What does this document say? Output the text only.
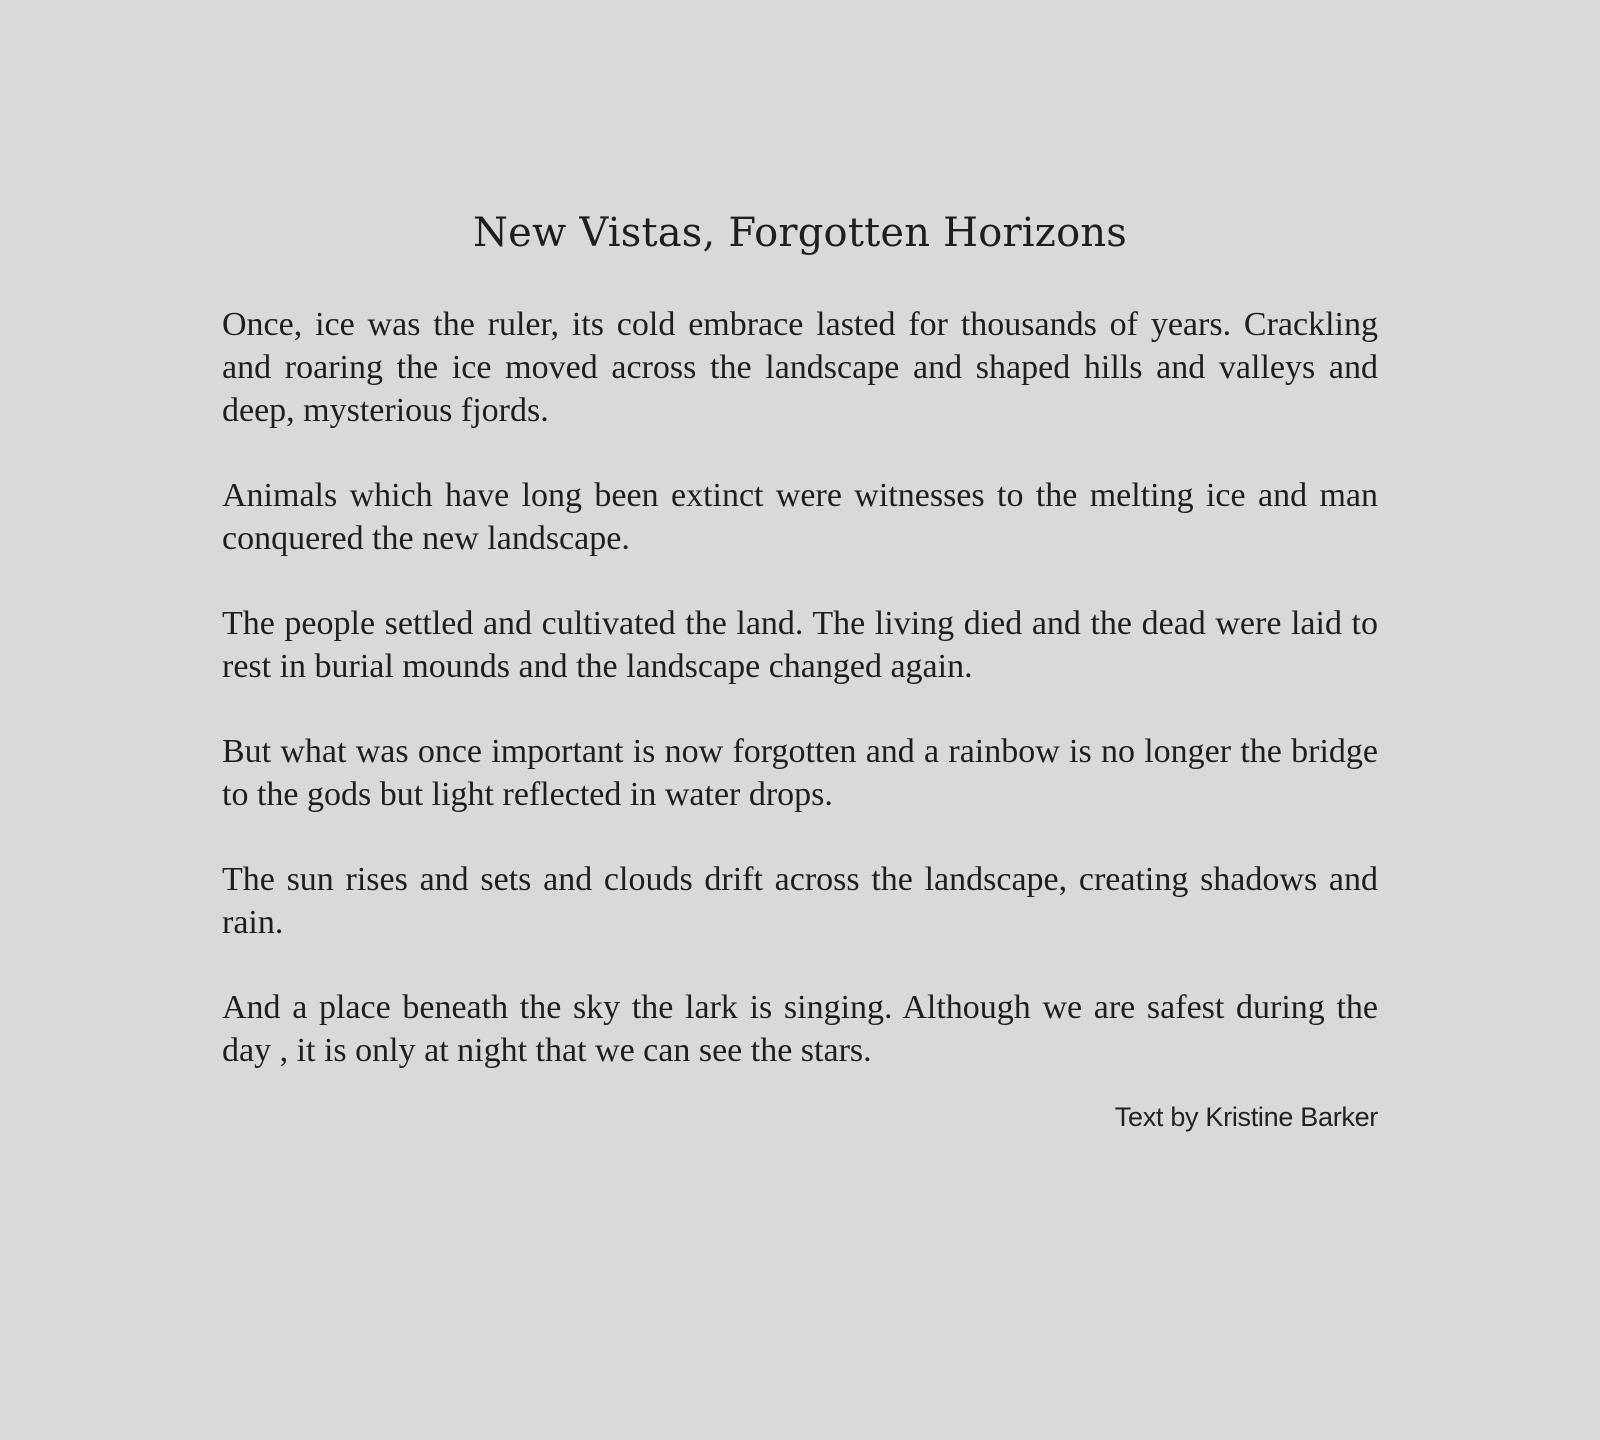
New Vistas, Forgotten Horizons

Once, ice was the ruler, its cold embrace lasted for thousands of years. Crackling and roaring the ice moved across the landscape and shaped hills and valleys and deep, mysterious fjords.

Animals which have long been extinct were witnesses to the melting ice and man conquered the new landscape.

The people settled and cultivated the land. The living died and the dead were laid to rest in burial mounds and the landscape changed again.

But what was once important is now forgotten and a rainbow is no longer the bridge to the gods but light reflected in water drops.

The sun rises and sets and clouds drift across the landscape, creating shadows and rain.

And a place beneath the sky the lark is singing. Although we are safest during the day , it is only at night that we can see the stars.

Text by Kristine Barker
